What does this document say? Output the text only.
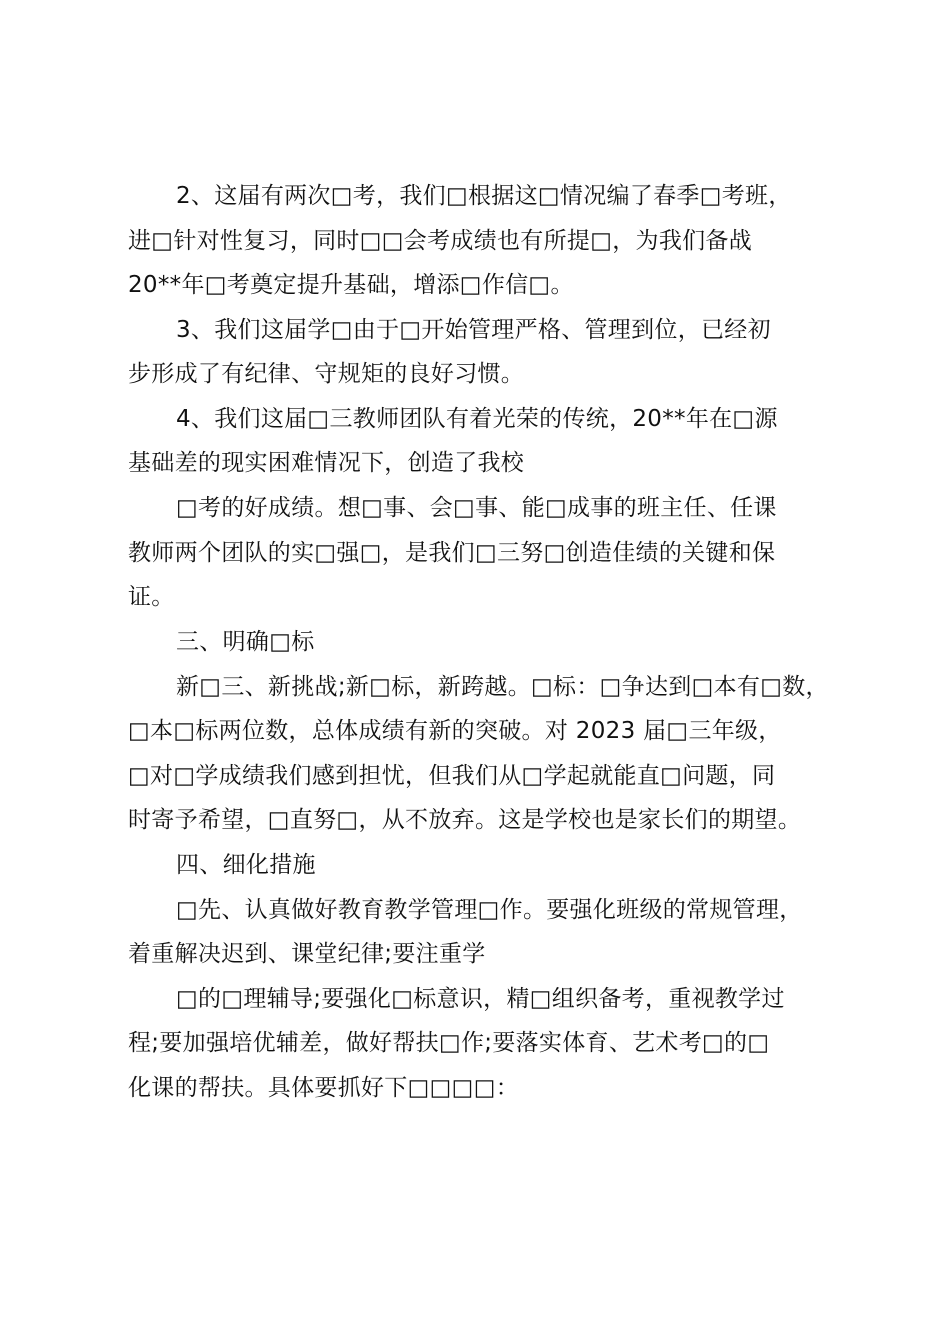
2、这届有两次□考，我们□根据这□情况编了春季□考班，
进□针对性复习，同时□□会考成绩也有所提□，为我们备战
20**年□考奠定提升基础，增添□作信□。
3、我们这届学□由于□开始管理严格、管理到位，已经初
步形成了有纪律、守规矩的良好习惯。
4、我们这届□三教师团队有着光荣的传统，20**年在□源
基础差的现实困难情况下，创造了我校
□考的好成绩。想□事、会□事、能□成事的班主任、任课
教师两个团队的实□强□，是我们□三努□创造佳绩的关键和保
证。
三、明确□标
新□三、新挑战;新□标，新跨越。□标：□争达到□本有□数，
□本□标两位数，总体成绩有新的突破。对 2023 届□三年级，
□对□学成绩我们感到担忧，但我们从□学起就能直□问题，同
时寄予希望，□直努□，从不放弃。这是学校也是家长们的期望。
四、细化措施
□先、认真做好教育教学管理□作。要强化班级的常规管理，
着重解决迟到、课堂纪律;要注重学
□的□理辅导;要强化□标意识，精□组织备考，重视教学过
程;要加强培优辅差，做好帮扶□作;要落实体育、艺术考□的□
化课的帮扶。具体要抓好下□□□□：
